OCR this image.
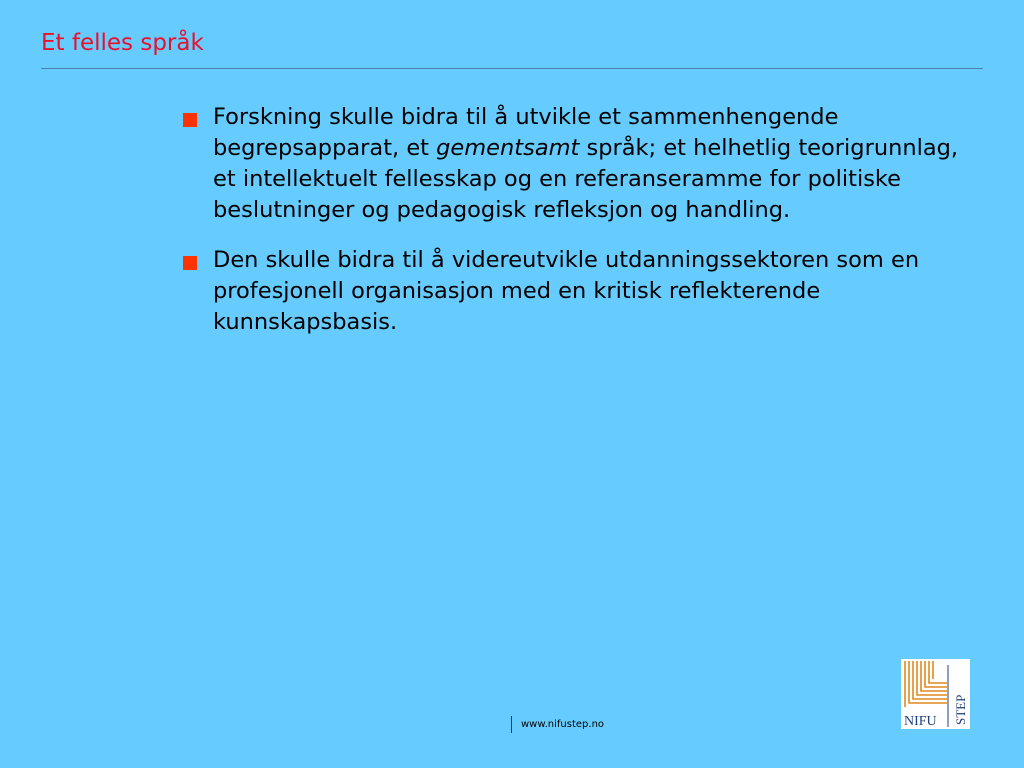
Et felles språk
Forskning skulle bidra til å utvikle et sammenhengende begrepsapparat, et gementsamt språk; et helhetlig teorigrunnlag, et intellektuelt fellesskap og en referanseramme for politiske beslutninger og pedagogisk refleksjon og handling.
Den skulle bidra til å videreutvikle utdanningssektoren som en profesjonell organisasjon med en kritisk reflekterende kunnskapsbasis.
www.nifustep.no	NIFU STEP
